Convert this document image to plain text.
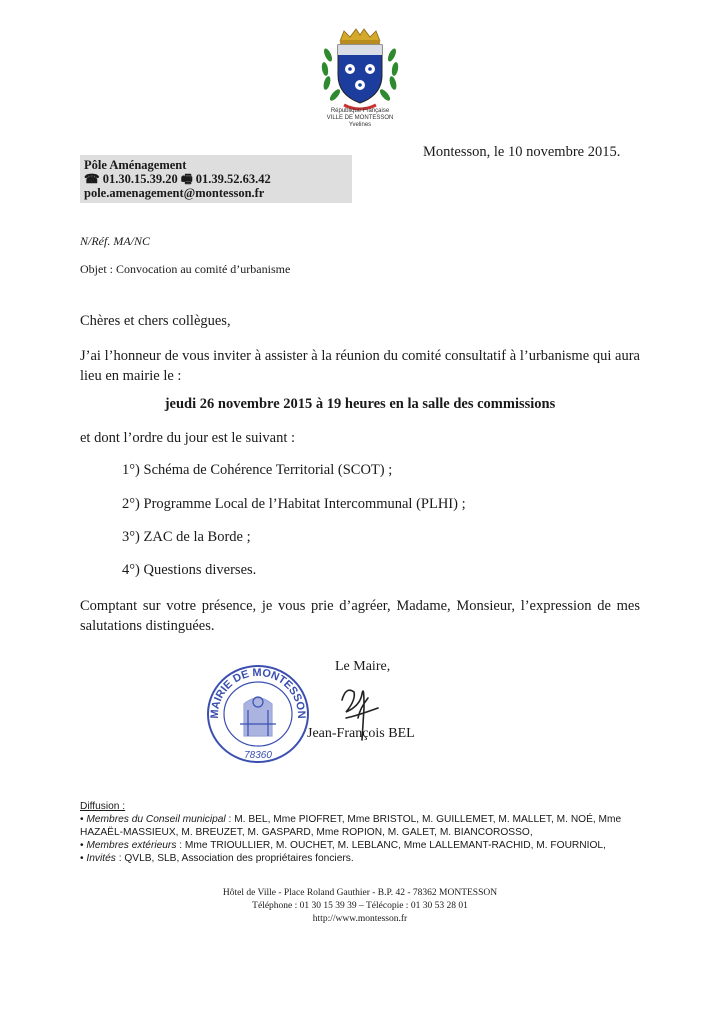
République Française
VILLE DE MONTESSON
Yvelines
Montesson, le 10 novembre 2015.
Pôle Aménagement
☎ 01.30.15.39.20 🖷 01.39.52.63.42
pole.amenagement@montesson.fr
N/Réf. MA/NC
Objet : Convocation au comité d’urbanisme
Chères et chers collègues,
J’ai l’honneur de vous inviter à assister à la réunion du comité consultatif à l’urbanisme qui aura lieu en mairie le :
jeudi 26 novembre 2015 à 19 heures en la salle des commissions
et dont l’ordre du jour est le suivant :
1°) Schéma de Cohérence Territorial (SCOT) ;
2°) Programme Local de l’Habitat Intercommunal (PLHI) ;
3°) ZAC de la Borde ;
4°) Questions diverses.
Comptant sur votre présence, je vous prie d’agréer, Madame, Monsieur, l’expression de mes salutations distinguées.
Le Maire,
MAIRIE DE MONTESSON
78360
Jean-François BEL
Diffusion :
• Membres du Conseil municipal : M. BEL, Mme PIOFRET, Mme BRISTOL, M. GUILLEMET, M. MALLET, M. NOÉ, Mme
HAZAËL-MASSIEUX, M. BREUZET, M. GASPARD, Mme ROPION, M. GALET, M. BIANCOROSSO,
• Membres extérieurs : Mme TRIOULLIER, M. OUCHET, M. LEBLANC, Mme LALLEMANT-RACHID, M. FOURNIOL,
• Invités : QVLB, SLB, Association des propriétaires fonciers.
Hôtel de Ville - Place Roland Gauthier - B.P. 42 - 78362 MONTESSON
Téléphone : 01 30 15 39 39 – Télécopie : 01 30 53 28 01
http://www.montesson.fr
